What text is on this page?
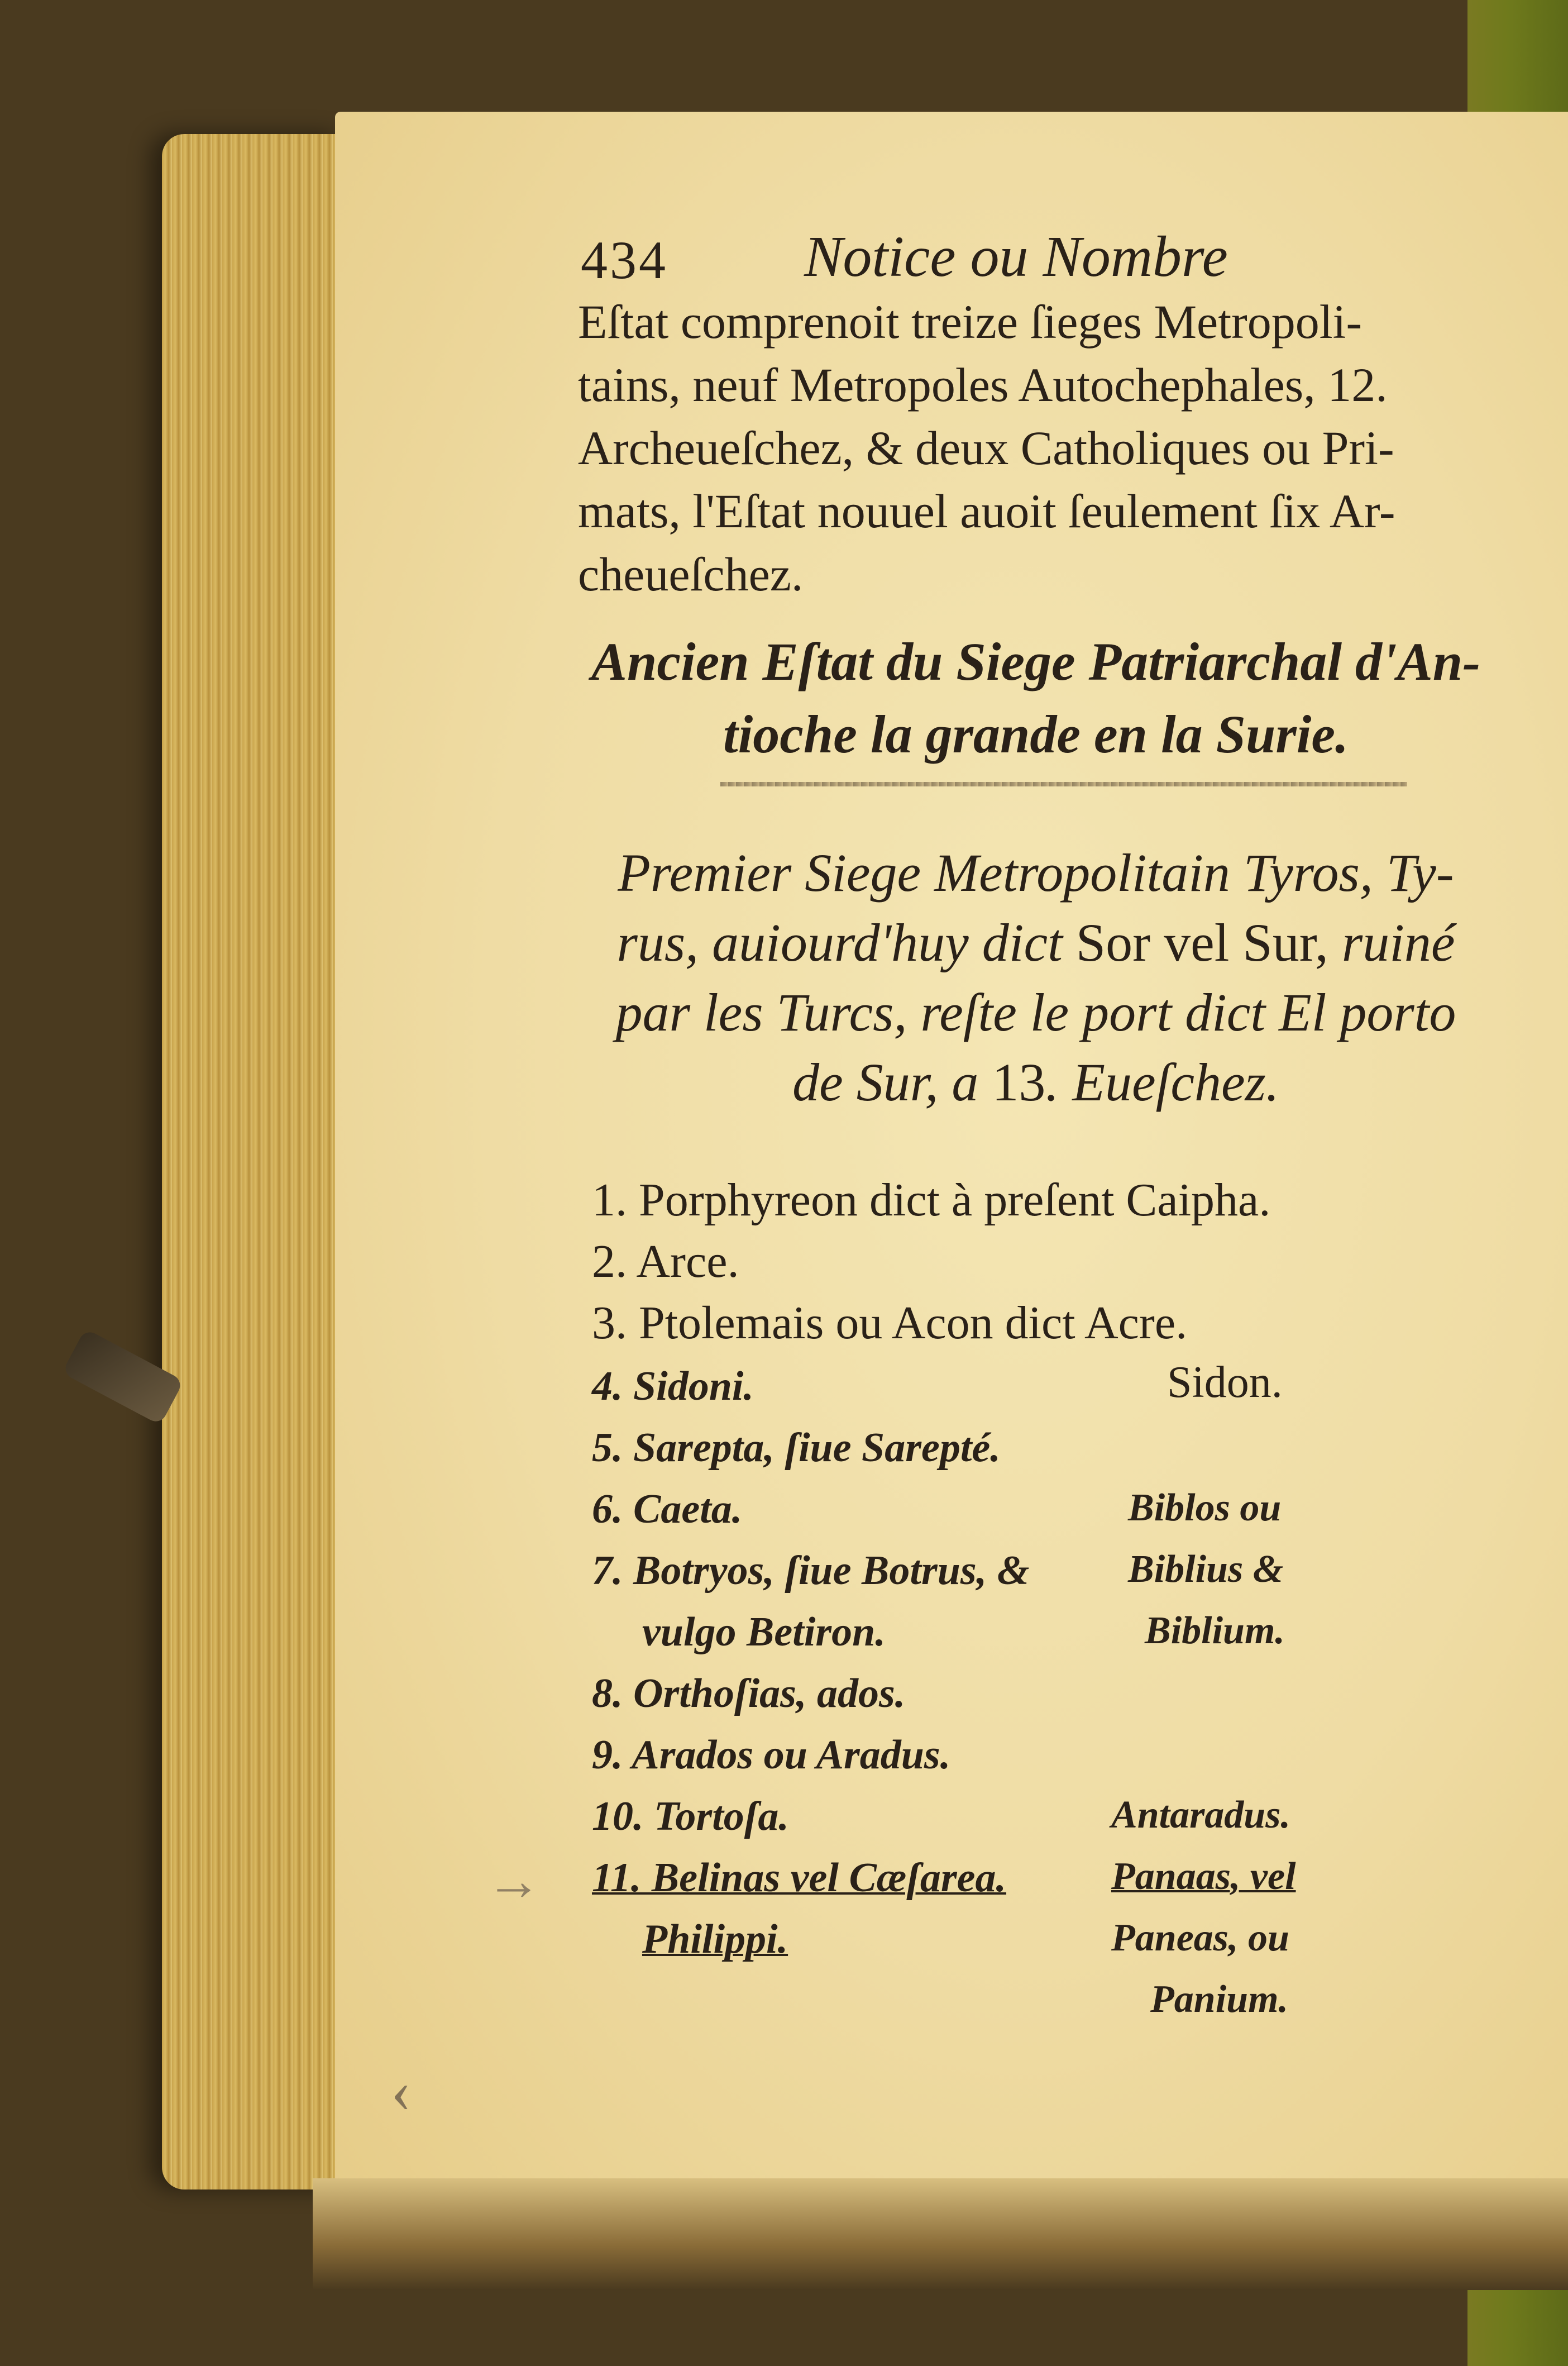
434 Notice ou Nombre
Eſtat comprenoit treize ſieges Metropoli-
tains, neuf Metropoles Autochephales, 12.
Archeueſchez, & deux Catholiques ou Pri-
mats, l'Eſtat nouuel auoit ſeulement ſix Ar-
cheueſchez.
Ancien Eſtat du Siege Patriarchal d'An-
tioche la grande en la Surie.
Premier Siege Metropolitain Tyros, Ty-
rus, auiourd'huy dict Sor vel Sur, ruiné
par les Turcs, reſte le port dict El porto
de Sur, a 13. Eueſchez.
1. Porphyreon dict à preſent Caipha.
2. Arce.
3. Ptolemais ou Acon dict Acre.
4. Sidoni.	Sidon.
5. Sarepta, ſiue Sarepté.
6. Caeta.	Biblos ou
7. Botryos, ſiue Botrus, &	Biblius &
vulgo Betiron.	Biblium.
8. Orthoſias, ados.
9. Arados ou Aradus.
10. Tortoſa.	Antaradus.
11. Belinas vel Cæſarea.	Panaas, vel
Philippi.	Paneas, ou
Panium.
→
‹
